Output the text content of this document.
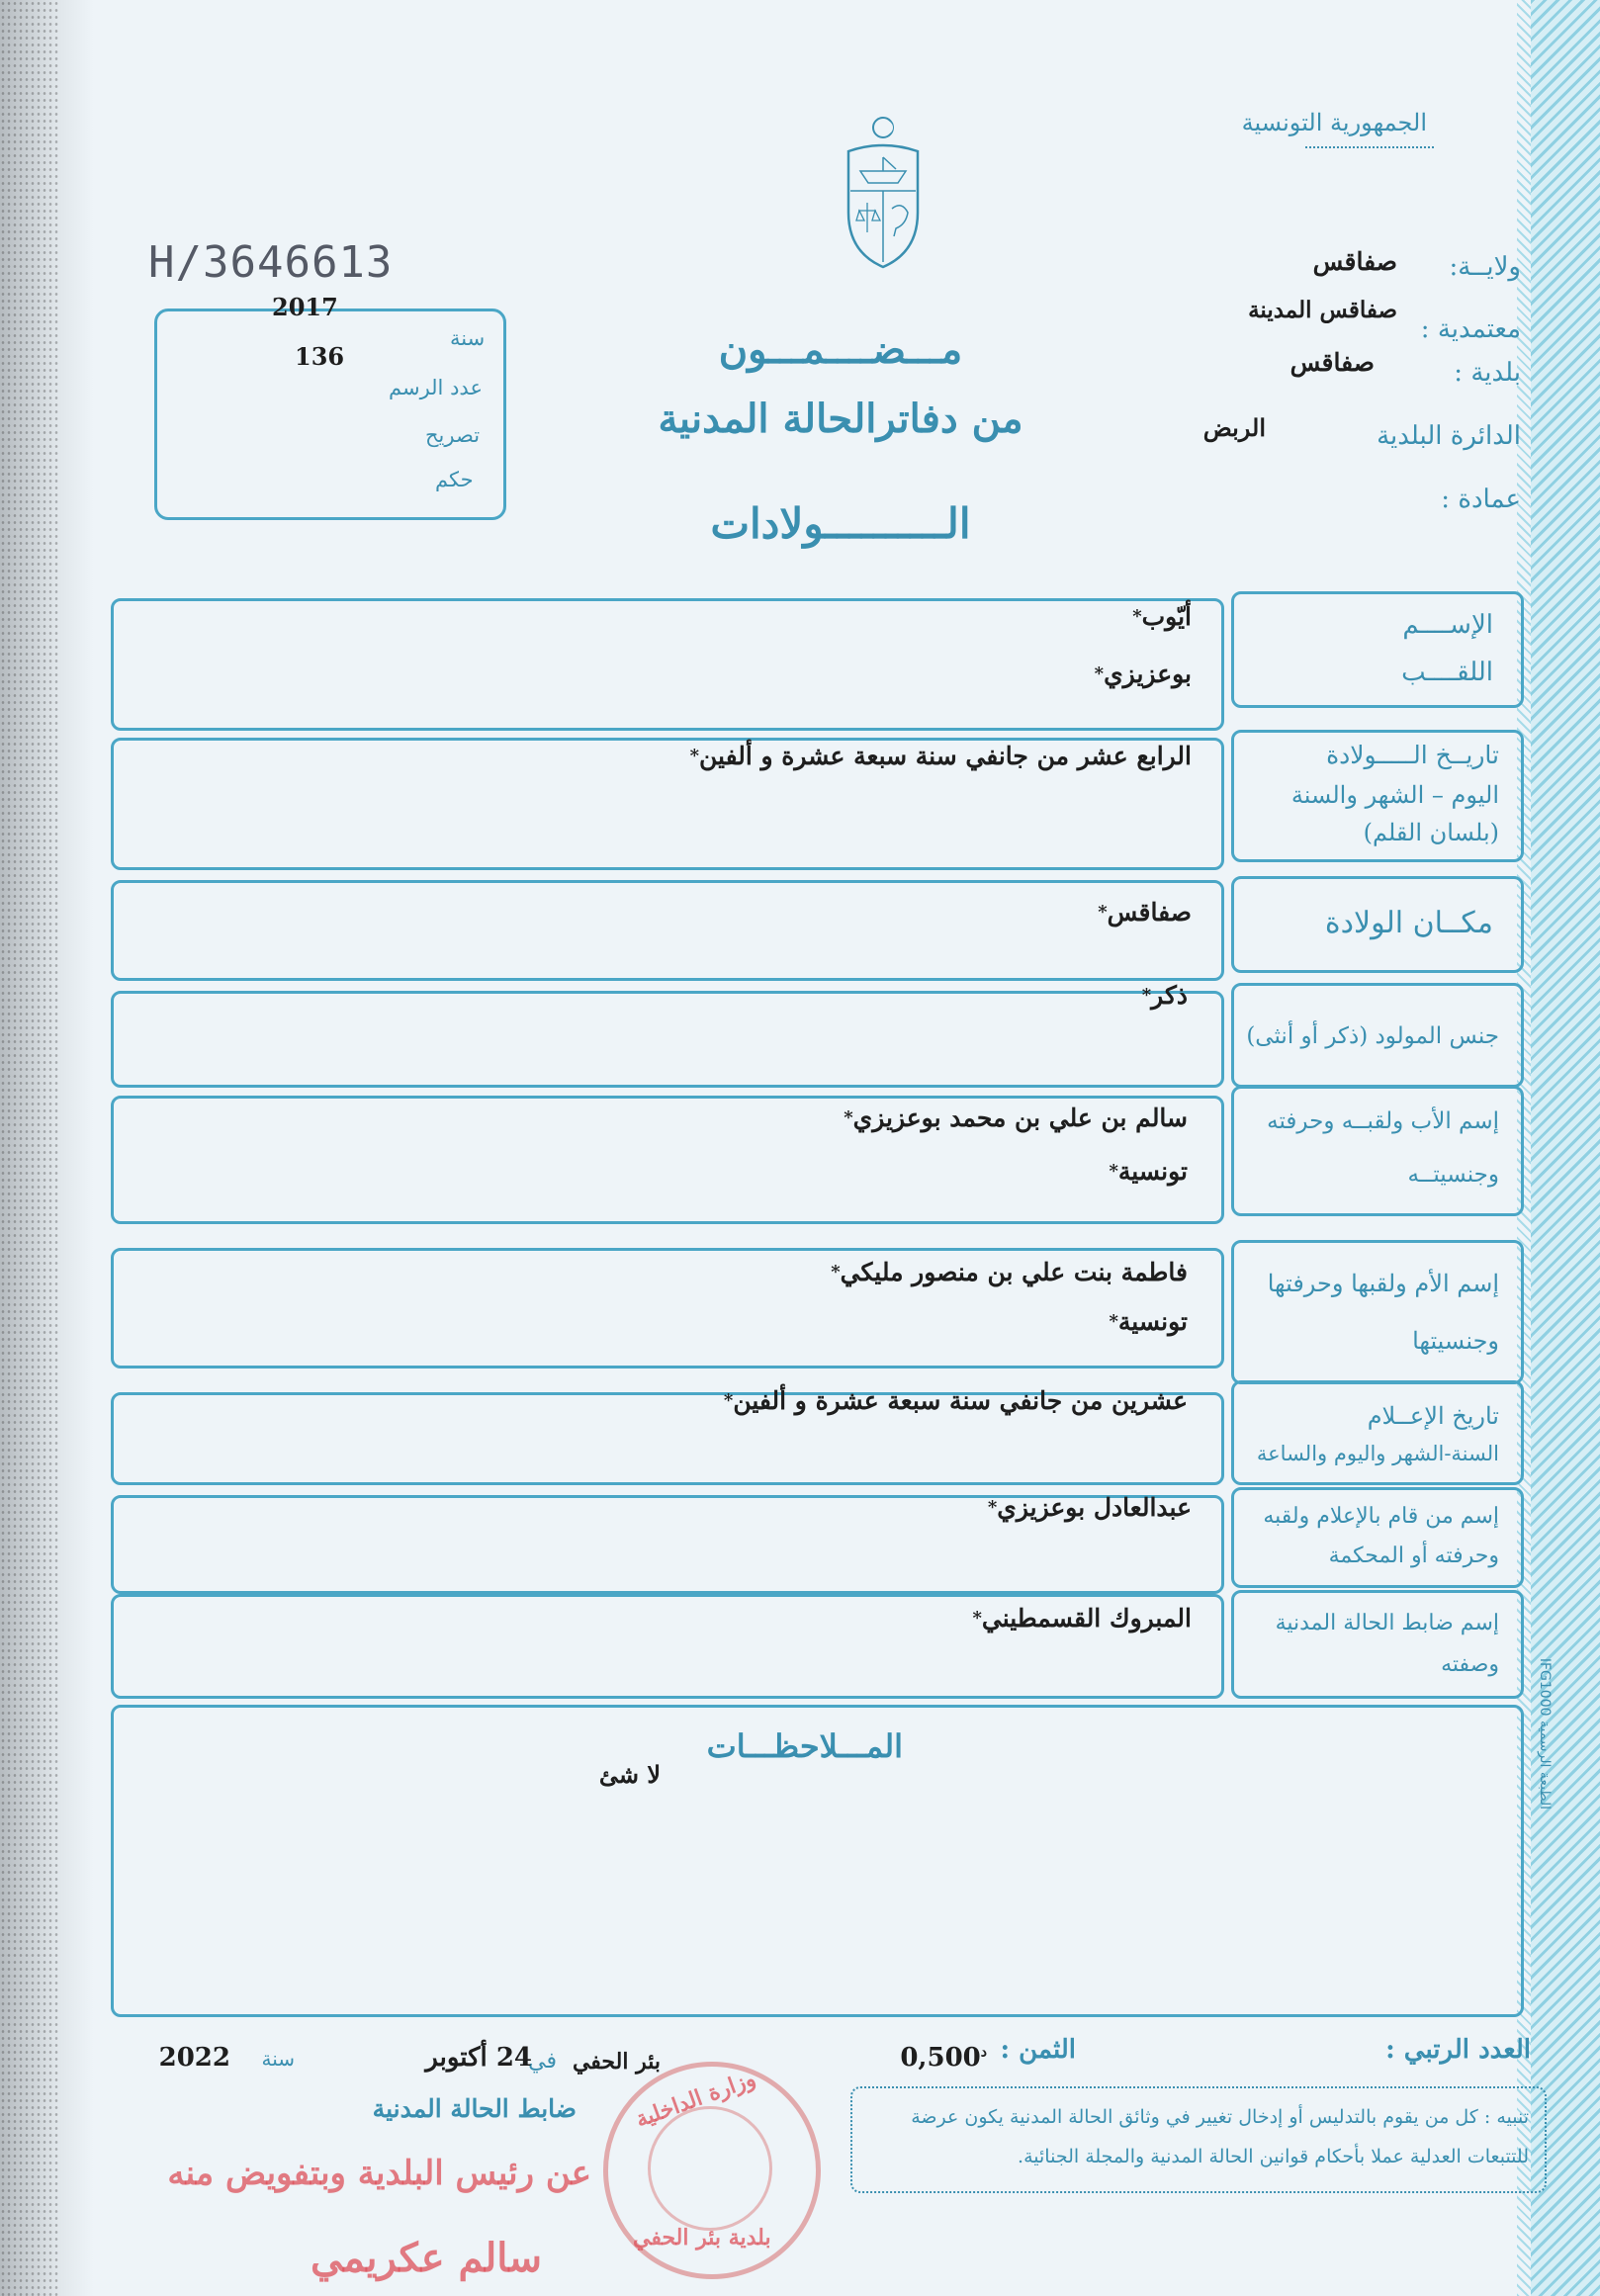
الجمهورية التونسية
ولايــة:
صفاقس
معتمدية :
صفاقس المدينة
بلدية :
صفاقس
الدائرة البلدية
الربض
عمادة :
مـــضــــمـــون
من دفاترالحالة المدنية
الــــــــــولادات
H/3646613
2017
136
سنة
عدد الرسم
تصريح
حكم
الإســــم
اللقــــب
أيّوب*
بوعزيزي*
تاريــخ الـــــولادة
اليوم – الشهر والسنة
(بلسان القلم)
الرابع عشر من جانفي سنة سبعة عشرة و ألفين*
مكــان الولادة
صفاقس*
جنس المولود (ذكر أو أنثى)
ذكر*
إسم الأب ولقبــه وحرفته
وجنسيتــه
سالم بن علي بن محمد بوعزيزي*
تونسية*
إسم الأم ولقبها وحرفتها
وجنسيتها
فاطمة بنت علي بن منصور مليكي*
تونسية*
تاريخ الإعــلام
السنة-الشهر واليوم والساعة
عشرين من جانفي سنة سبعة عشرة و ألفين*
إسم من قام بالإعلام ولقبه
وحرفته أو المحكمة
عبدالعادل بوعزيزي*
إسم ضابط الحالة المدنية
وصفته
المبروك القسمطيني*
المـــلاحظـــات
لا شئ
الطبعة الرسمية IFG1000
العدد الرتبي :
الثمن :
$0,500^د$
بئر الحفي
في
24 أكتوبر
سنة
2022
ضابط الحالة المدنية	تنبيه : كل من يقوم بالتدليس أو إدخال تغيير في وثائق الحالة المدنية يكون عرضة
للتتبعات العدلية عملا بأحكام قوانين الحالة المدنية والمجلة الجنائية.
وزارة الداخلية
بلدية بئر الحفي
عن رئيس البلدية وبتفويض منه
سالم عكريمي
